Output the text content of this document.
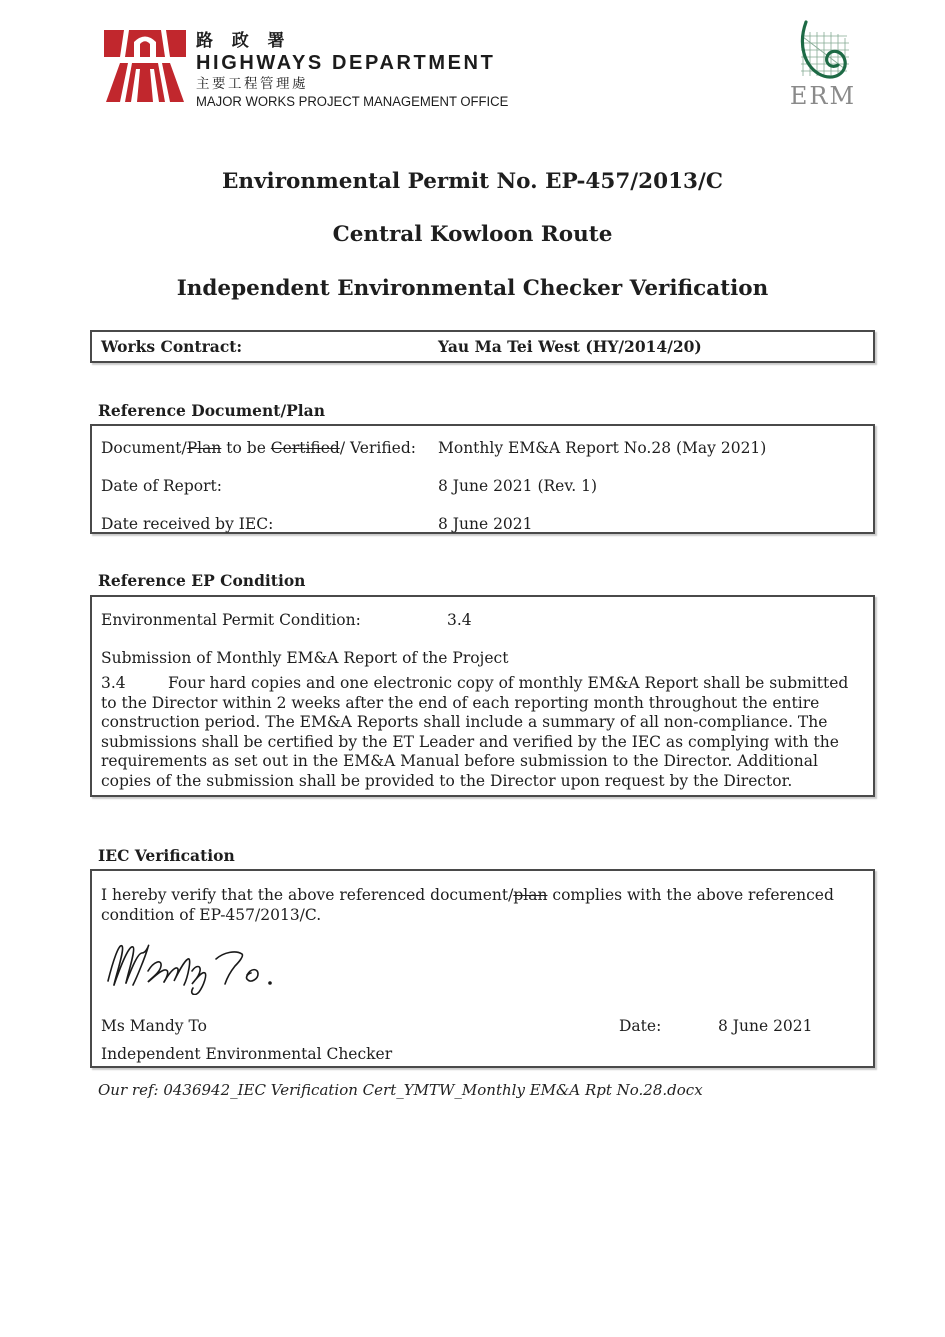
路 政 署
HIGHWAYS DEPARTMENT
主要工程管理處
MAJOR WORKS PROJECT MANAGEMENT OFFICE	ERM
Environmental Permit No. EP-457/2013/C
Central Kowloon Route
Independent Environmental Checker Verification
Works Contract:	Yau Ma Tei West (HY/2014/20)
Reference Document/Plan
Document/Plan to be Certified/ Verified:	Monthly EM&A Report No.28 (May 2021)
Date of Report:	8 June 2021 (Rev. 1)
Date received by IEC:	8 June 2021
Reference EP Condition
Environmental Permit Condition:	3.4
Submission of Monthly EM&A Report of the Project
3.4	Four hard copies and one electronic copy of monthly EM&A Report shall be submitted to the Director within 2 weeks after the end of each reporting month throughout the entire construction period. The EM&A Reports shall include a summary of all non-compliance. The submissions shall be certified by the ET Leader and verified by the IEC as complying with the requirements as set out in the EM&A Manual before submission to the Director. Additional copies of the submission shall be provided to the Director upon request by the Director.
IEC Verification
I hereby verify that the above referenced document/plan complies with the above referenced condition of EP-457/2013/C.
Ms Mandy To	Date:	8 June 2021
Independent Environmental Checker
Our ref: 0436942_IEC Verification Cert_YMTW_Monthly EM&A Rpt No.28.docx
